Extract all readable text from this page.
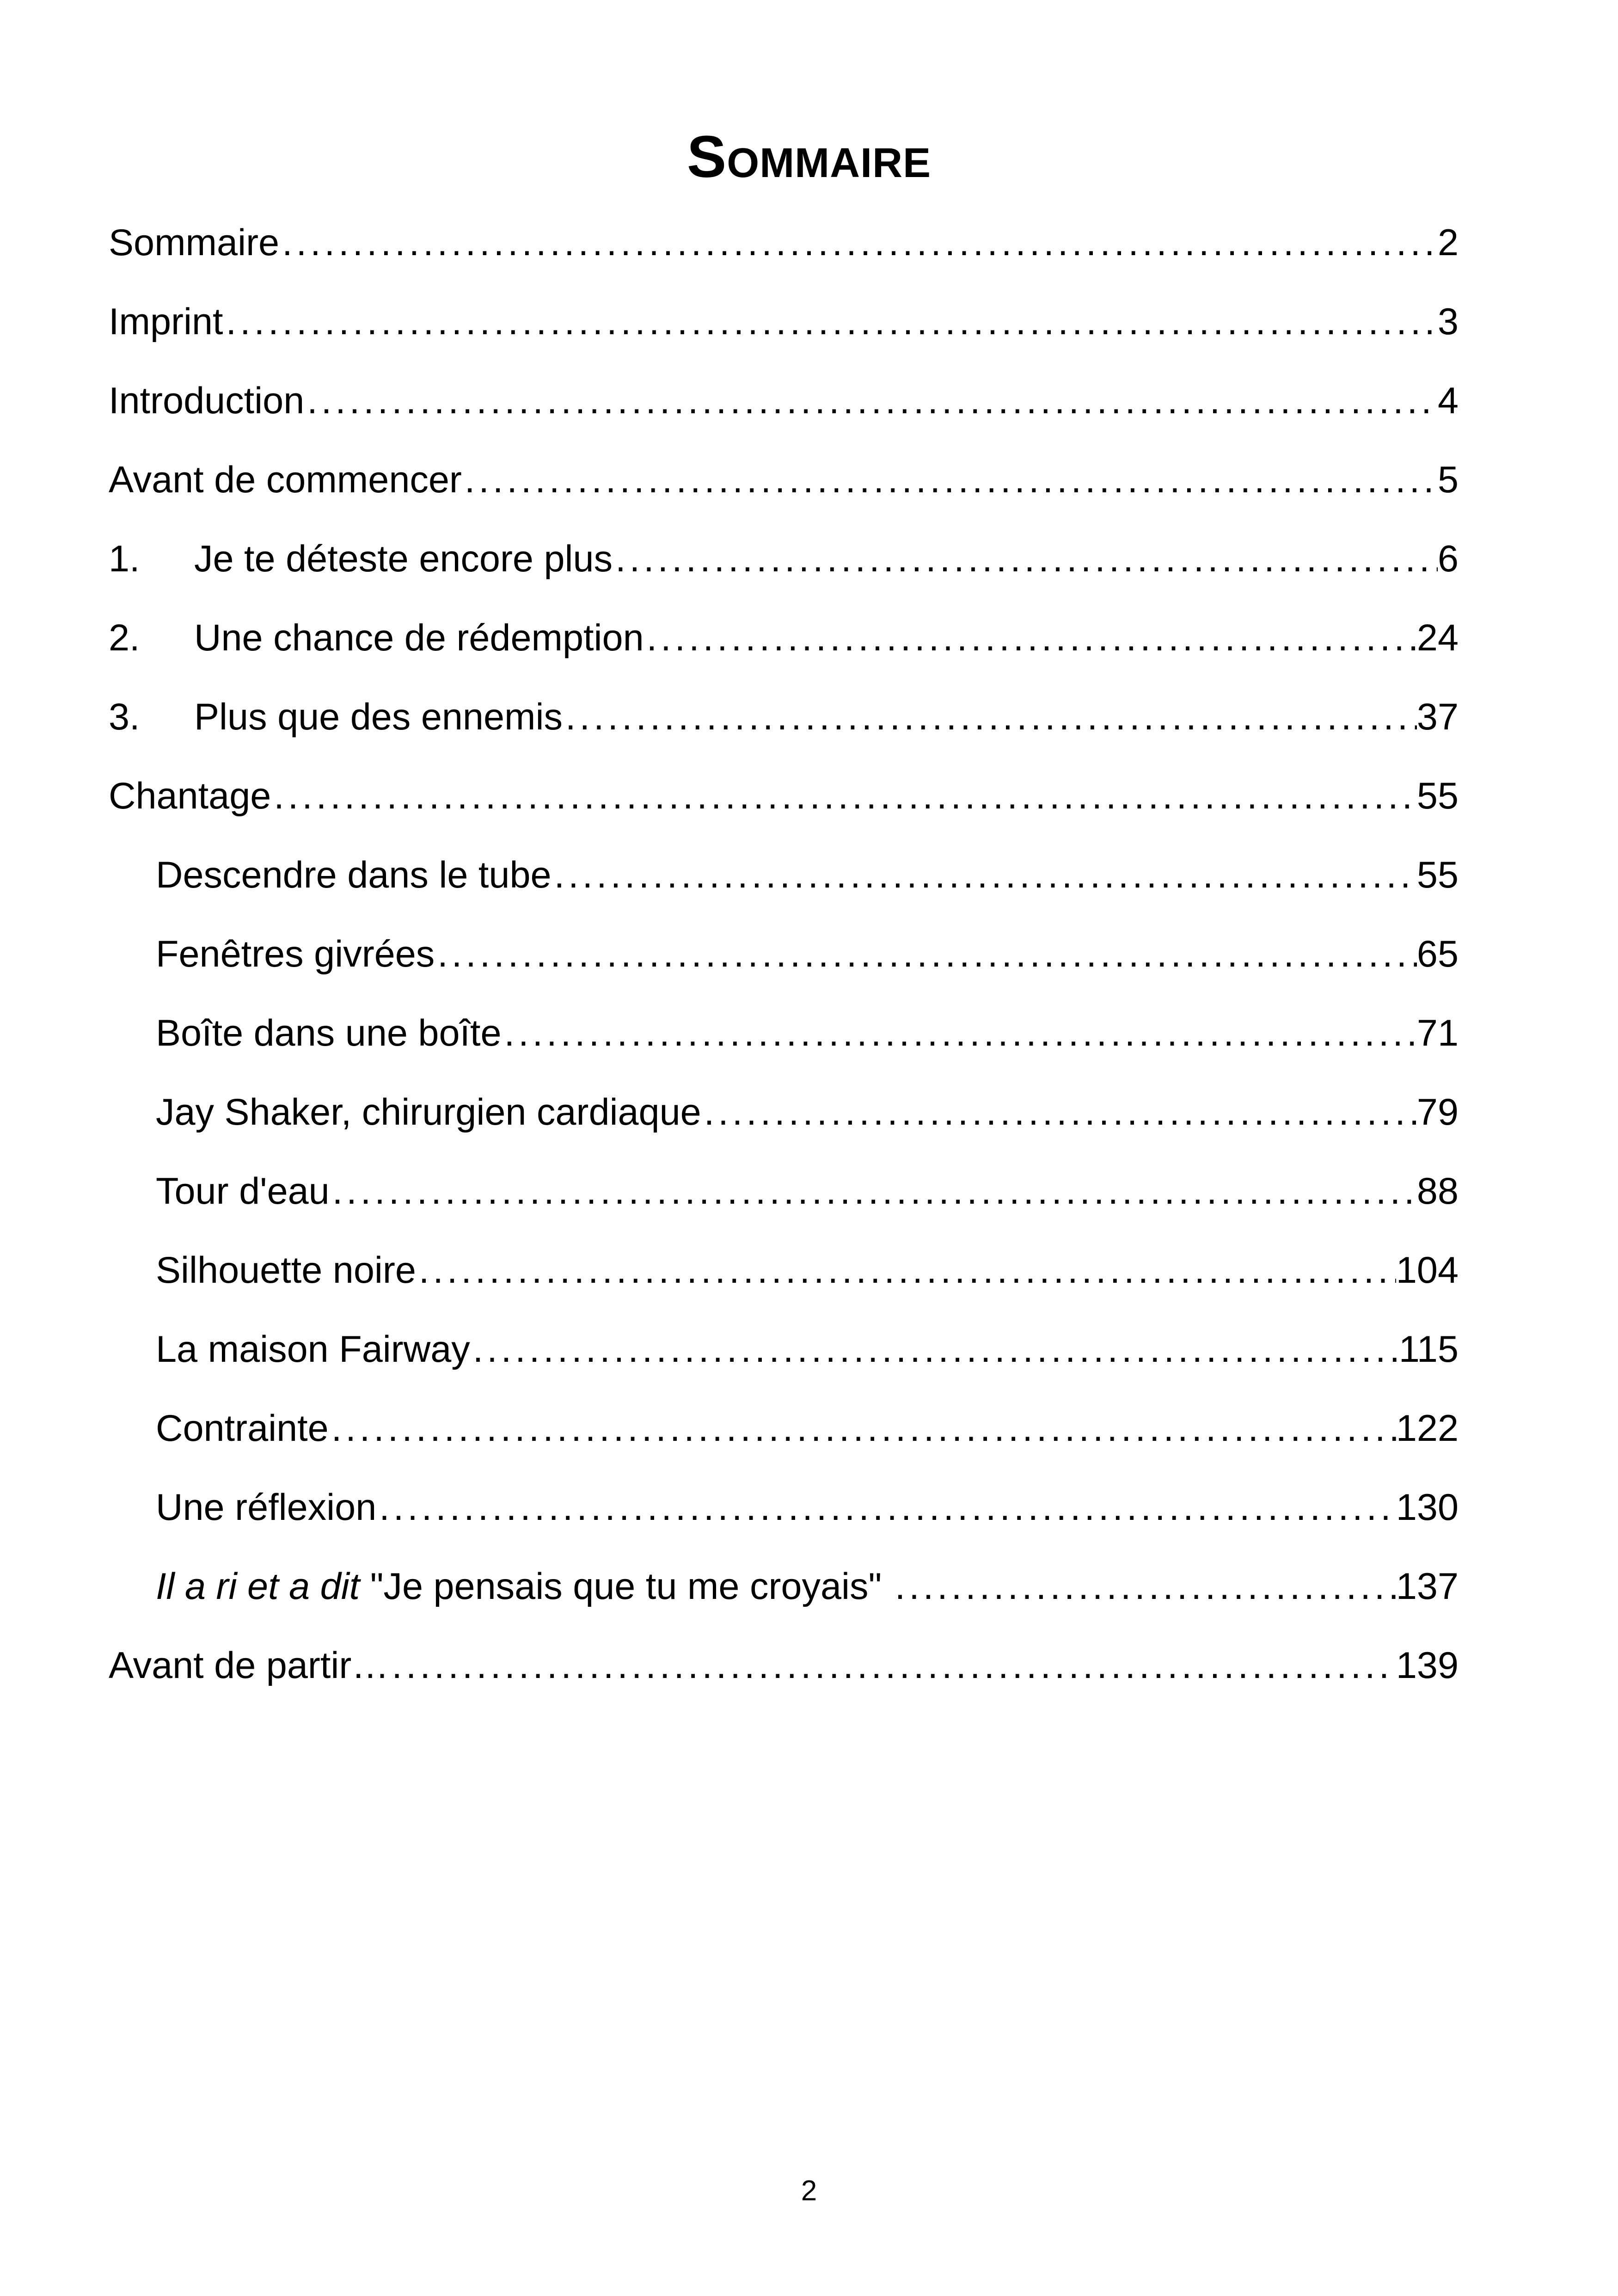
Sommaire
Sommaire .....	2
Imprint .....	3
Introduction .....	4
Avant de commencer .....	5
1.	Je te déteste encore plus .....	6
2.	Une chance de rédemption .....	24
3.	Plus que des ennemis .....	37
Chantage .....	55
Descendre dans le tube .....	55
Fenêtres givrées .....	65
Boîte dans une boîte .....	71
Jay Shaker, chirurgien cardiaque .....	79
Tour d'eau .....	88
Silhouette noire .....	104
La maison Fairway .....	115
Contrainte .....	122
Une réflexion .....	130
Il a ri et a dit "Je pensais que tu me croyais" .....	137
Avant de partir… .....	139
2
